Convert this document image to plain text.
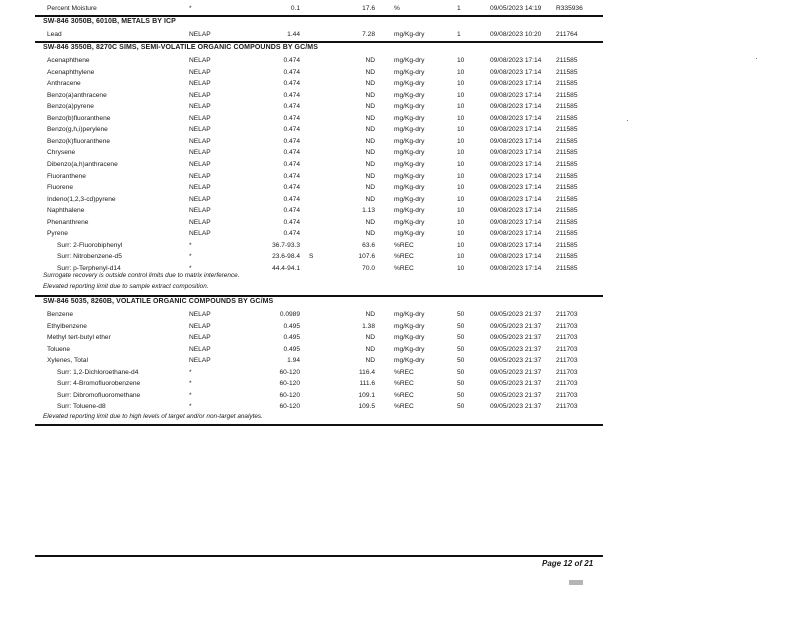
Percent Moisture	*	0.1	17.6	%	1	09/05/2023 14:19 R335936
SW-846 3050B, 6010B, METALS BY ICP
Lead	NELAP	1.44	7.28	mg/Kg-dry	1	09/08/2023 10:20 211764
SW-846 3550B, 8270C SIMS, SEMI-VOLATILE ORGANIC COMPOUNDS BY GC/MS
Acenaphthene	NELAP	0.474	ND	mg/Kg-dry	10	09/08/2023 17:14 211585
Acenaphthylene	NELAP	0.474	ND	mg/Kg-dry	10	09/08/2023 17:14 211585
Anthracene	NELAP	0.474	ND	mg/Kg-dry	10	09/08/2023 17:14 211585
Benzo(a)anthracene	NELAP	0.474	ND	mg/Kg-dry	10	09/08/2023 17:14 211585
Benzo(a)pyrene	NELAP	0.474	ND	mg/Kg-dry	10	09/08/2023 17:14 211585
Benzo(b)fluoranthene	NELAP	0.474	ND	mg/Kg-dry	10	09/08/2023 17:14 211585
Benzo(g,h,i)perylene	NELAP	0.474	ND	mg/Kg-dry	10	09/08/2023 17:14 211585
Benzo(k)fluoranthene	NELAP	0.474	ND	mg/Kg-dry	10	09/08/2023 17:14 211585
Chrysene	NELAP	0.474	ND	mg/Kg-dry	10	09/08/2023 17:14 211585
Dibenzo(a,h)anthracene	NELAP	0.474	ND	mg/Kg-dry	10	09/08/2023 17:14 211585
Fluoranthene	NELAP	0.474	ND	mg/Kg-dry	10	09/08/2023 17:14 211585
Fluorene	NELAP	0.474	ND	mg/Kg-dry	10	09/08/2023 17:14 211585
Indeno(1,2,3-cd)pyrene	NELAP	0.474	ND	mg/Kg-dry	10	09/08/2023 17:14 211585
Naphthalene	NELAP	0.474	1.13	mg/Kg-dry	10	09/08/2023 17:14 211585
Phenanthrene	NELAP	0.474	ND	mg/Kg-dry	10	09/08/2023 17:14 211585
Pyrene	NELAP	0.474	ND	mg/Kg-dry	10	09/08/2023 17:14 211585
Surr: 2-Fluorobiphenyl	*	36.7-93.3	63.6	%REC	10	09/08/2023 17:14 211585
Surr: Nitrobenzene-d5	*	23.6-98.4 S	107.6	%REC	10	09/08/2023 17:14 211585
Surr: p-Terphenyl-d14	*	44.4-94.1	70.0	%REC	10	09/08/2023 17:14 211585
Surrogate recovery is outside control limits due to matrix interference.
Elevated reporting limit due to sample extract composition.
SW-846 5035, 8260B, VOLATILE ORGANIC COMPOUNDS BY GC/MS
Benzene	NELAP	0.0989	ND	mg/Kg-dry	50	09/05/2023 21:37 211703
Ethylbenzene	NELAP	0.495	1.38	mg/Kg-dry	50	09/05/2023 21:37 211703
Methyl tert-butyl ether	NELAP	0.495	ND	mg/Kg-dry	50	09/05/2023 21:37 211703
Toluene	NELAP	0.495	ND	mg/Kg-dry	50	09/05/2023 21:37 211703
Xylenes, Total	NELAP	1.94	ND	mg/Kg-dry	50	09/05/2023 21:37 211703
Surr: 1,2-Dichloroethane-d4	*	60-120	116.4	%REC	50	09/05/2023 21:37 211703
Surr: 4-Bromofluorobenzene	*	60-120	111.6	%REC	50	09/05/2023 21:37 211703
Surr: Dibromofluoromethane	*	60-120	109.1	%REC	50	09/05/2023 21:37 211703
Surr: Toluene-d8	*	60-120	109.5	%REC	50	09/05/2023 21:37 211703
Elevated reporting limit due to high levels of target and/or non-target analytes.
Page 12 of 21
